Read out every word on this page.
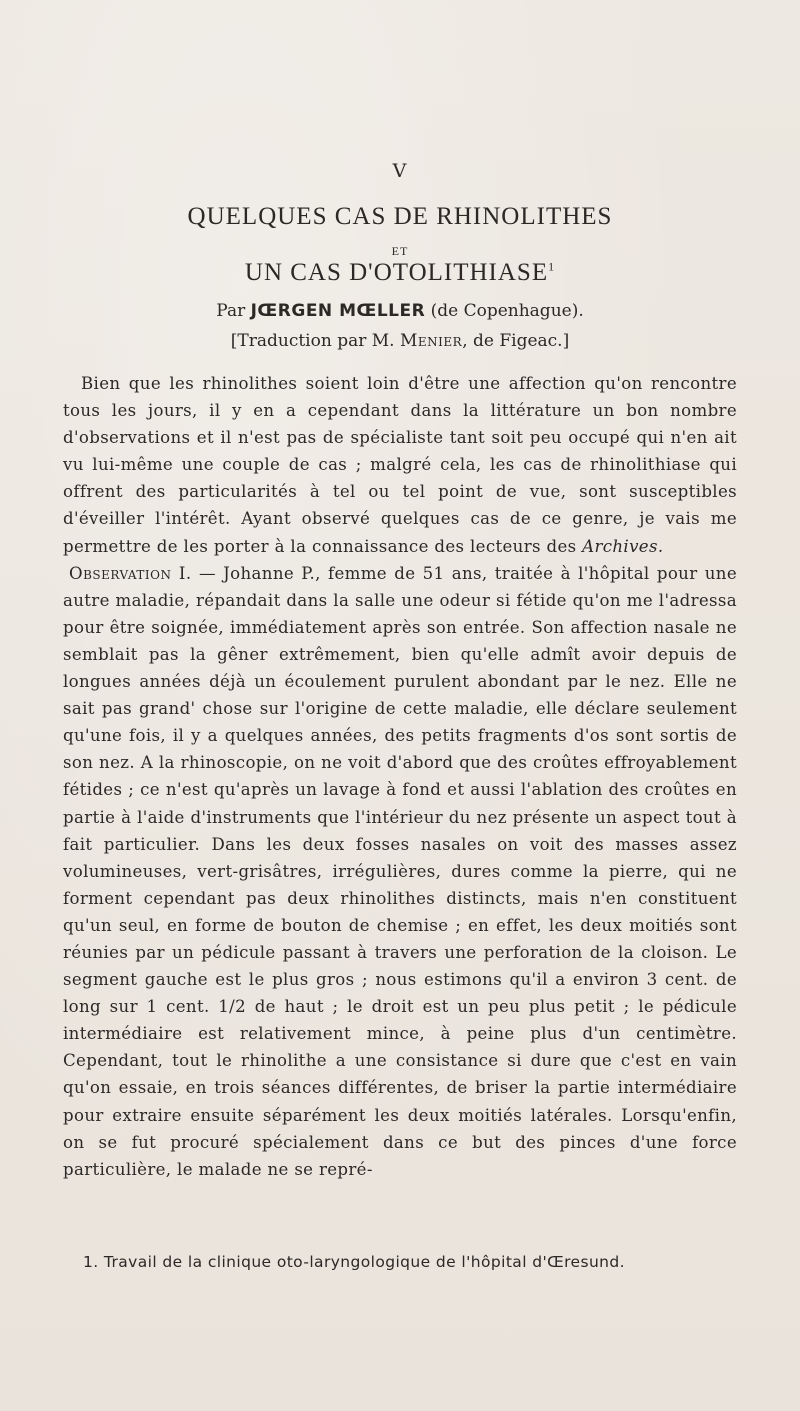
V
QUELQUES CAS DE RHINOLITHES
ET
UN CAS D'OTOLITHIASE$^1$
Par JŒRGEN MŒLLER (de Copenhague).
[Traduction par M. Menier, de Figeac.]

Bien que les rhinolithes soient loin d'être une affection qu'on rencontre tous les jours, il y en a cependant dans la littérature un bon nombre d'observations et il n'est pas de spécialiste tant soit peu occupé qui n'en ait vu lui-même une couple de cas ; malgré cela, les cas de rhinolithiase qui offrent des particularités à tel ou tel point de vue, sont susceptibles d'éveiller l'intérêt. Ayant observé quelques cas de ce genre, je vais me permettre de les porter à la connaissance des lecteurs des Archives.

Observation I. — Johanne P., femme de 51 ans, traitée à l'hôpital pour une autre maladie, répandait dans la salle une odeur si fétide qu'on me l'adressa pour être soignée, immédiatement après son entrée. Son affection nasale ne semblait pas la gêner extrêmement, bien qu'elle admît avoir depuis de longues années déjà un écoulement purulent abondant par le nez. Elle ne sait pas grand' chose sur l'origine de cette maladie, elle déclare seulement qu'une fois, il y a quelques années, des petits fragments d'os sont sortis de son nez. A la rhinoscopie, on ne voit d'abord que des croûtes effroyablement fétides ; ce n'est qu'après un lavage à fond et aussi l'ablation des croûtes en partie à l'aide d'instruments que l'intérieur du nez présente un aspect tout à fait particulier. Dans les deux fosses nasales on voit des masses assez volumineuses, vert-grisâtres, irrégulières, dures comme la pierre, qui ne forment cependant pas deux rhinolithes distincts, mais n'en constituent qu'un seul, en forme de bouton de chemise ; en effet, les deux moitiés sont réunies par un pédicule passant à travers une perforation de la cloison. Le segment gauche est le plus gros ; nous estimons qu'il a environ 3 cent. de long sur 1 cent. 1/2 de haut ; le droit est un peu plus petit ; le pédicule intermédiaire est relativement mince, à peine plus d'un centimètre. Cependant, tout le rhinolithe a une consistance si dure que c'est en vain qu'on essaie, en trois séances différentes, de briser la partie intermédiaire pour extraire ensuite séparément les deux moitiés latérales. Lorsqu'enfin, on se fut procuré spécialement dans ce but des pinces d'une force particulière, le malade ne se repré-

1. Travail de la clinique oto-laryngologique de l'hôpital d'Œresund.
